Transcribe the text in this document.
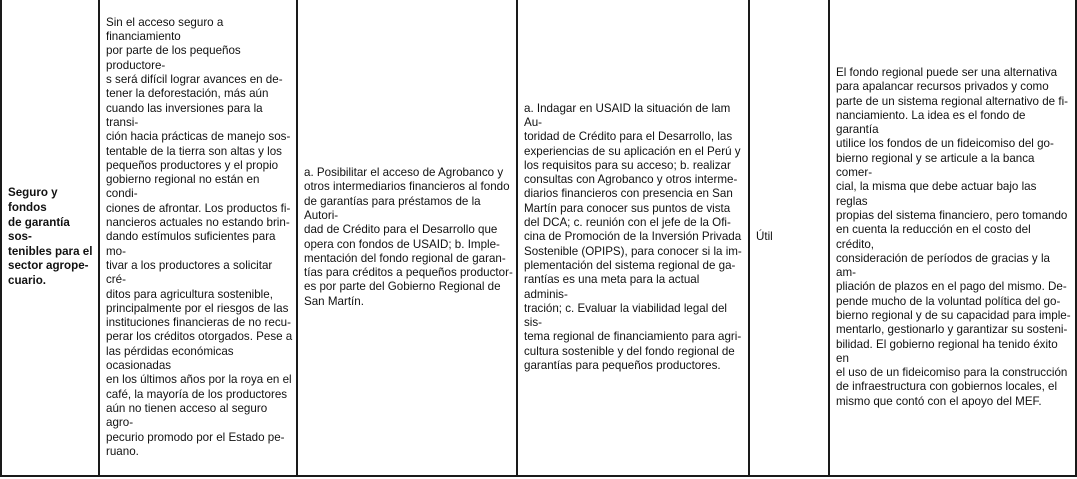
Seguro y fondos
de garantía sos-
tenibles para el
sector agrope-
cuario.
Sin el acceso seguro a financiamiento
por parte de los pequeños productore-
s será difícil lograr avances en de-
tener la deforestación, más aún
cuando las inversiones para la transi-
ción hacia prácticas de manejo sos-
tentable de la tierra son altas y los
pequeños productores y el propio
gobierno regional no están en condi-
ciones de afrontar. Los productos fi-
nancieros actuales no estando brin-
dando estímulos suficientes para mo-
tivar a los productores a solicitar cré-
ditos para agricultura sostenible,
principalmente por el riesgos de las
instituciones financieras de no recu-
perar los créditos otorgados. Pese a
las pérdidas económicas ocasionadas
en los últimos años por la roya en el
café, la mayoría de los productores
aún no tienen acceso al seguro agro-
pecurio promodo por el Estado pe-
ruano.
a. Posibilitar el acceso de Agrobanco y
otros intermediarios financieros al fondo
de garantías para préstamos de la Autori-
dad de Crédito para el Desarrollo que
opera con fondos de USAID; b. Imple-
mentación del fondo regional de garan-
tías para créditos a pequeños productor-
es por parte del Gobierno Regional de
San Martín.
a. Indagar en USAID la situación de lam Au-
toridad de Crédito para el Desarrollo, las
experiencias de su aplicación en el Perú y
los requisitos para su acceso; b. realizar
consultas con Agrobanco y otros intermе-
diarios financieros con presencia en San
Martín para conocer sus puntos de vista
del DCA; c. reunión con el jefe de la Ofi-
cina de Promoción de la Inversión Privada
Sostenible (OPIPS), para conocer si la im-
plementación del sistema regional de ga-
rantías es una meta para la actual adminis-
tración; c. Evaluar la viabilidad legal del sis-
tema regional de financiamiento para agri-
cultura sostenible y del fondo regional de
garantías para pequeños productores.
Útil
El fondo regional puede ser una alternativa
para apalancar recursos privados y como
parte de un sistema regional alternativo de fi-
nanciamiento. La idea es el fondo de garantía
utilice los fondos de un fideicomiso del go-
bierno regional y se articule a la banca comer-
cial, la misma que debe actuar bajo las reglas
propias del sistema financiero, pero tomando
en cuenta la reducción en el costo del crédito,
consideración de períodos de gracias y la am-
pliación de plazos en el pago del mismo. De-
pende mucho de la voluntad política del go-
bierno regional y de su capacidad para imple-
mentarlo, gestionarlo y garantizar su sosteni-
bilidad. El gobierno regional ha tenido éxito en
el uso de un fideicomiso para la construcción
de infraestructura con gobiernos locales, el
mismo que contó con el apoyo del MEF.
